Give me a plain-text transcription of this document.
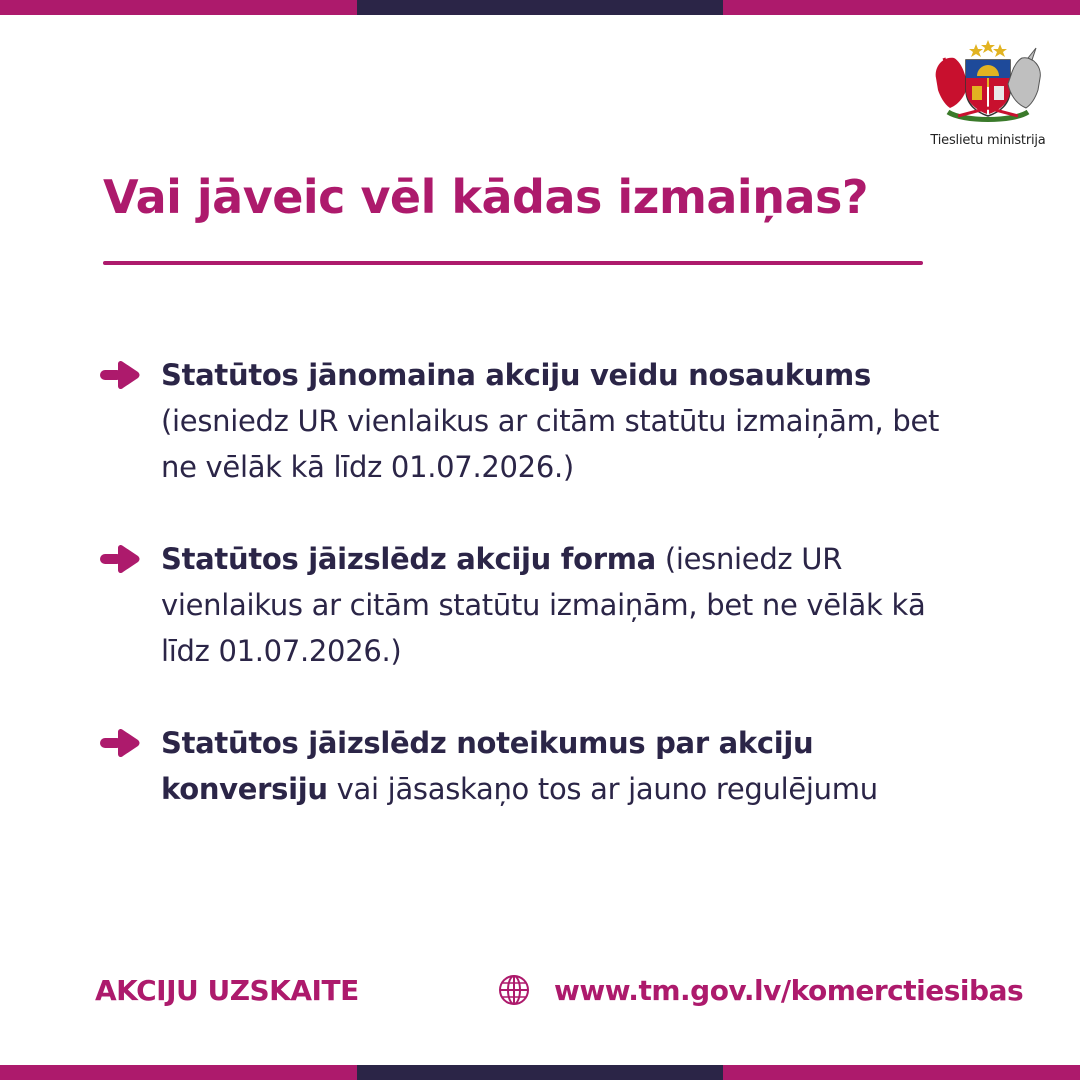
Tieslietu ministrija
Vai jāveic vēl kādas izmaiņas?
Statūtos jānomaina akciju veidu nosaukums
(iesniedz UR vienlaikus ar citām statūtu izmaiņām, bet ne vēlāk kā līdz 01.07.2026.)
Statūtos jāizslēdz akciju forma (iesniedz UR vienlaikus ar citām statūtu izmaiņām, bet ne vēlāk kā līdz 01.07.2026.)
Statūtos jāizslēdz noteikumus par akciju konversiju vai jāsaskaņo tos ar jauno regulējumu
AKCIJU UZSKAITE	www.tm.gov.lv/komerctiesibas
